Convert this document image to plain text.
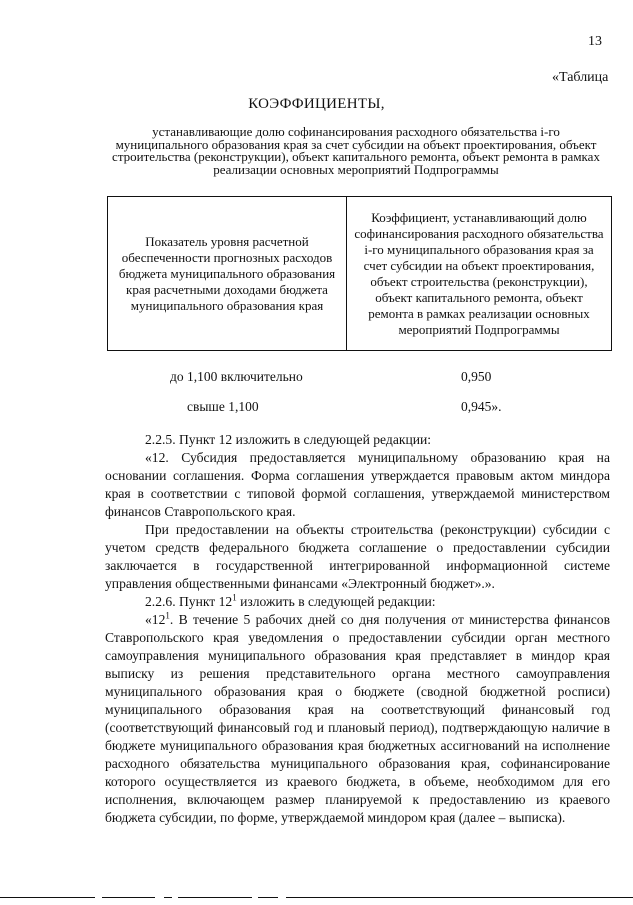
13
«Таблица
КОЭФФИЦИЕНТЫ,
устанавливающие долю софинансирования расходного обязательства i-го муниципального образования края за счет субсидии на объект проектирования, объект строительства (реконструкции), объект капитального ремонта, объект ремонта в рамках реализации основных мероприятий Подпрограммы
Показатель уровня расчетной обеспеченности прогнозных расходов бюджета муниципального образования края расчетными доходами бюджета муниципального образования края	Коэффициент, устанавливающий долю софинансирования расходного обязательства i-го муниципального образования края за счет субсидии на объект проектирования, объект строительства (реконструкции), объект капитального ремонта, объект ремонта в рамках реализации основных мероприятий Подпрограммы
до 1,100 включительно	0,950
свыше 1,100	0,945».

2.2.5. Пункт 12 изложить в следующей редакции:

«12. Субсидия предоставляется муниципальному образованию края на основании соглашения. Форма соглашения утверждается правовым актом миндора края в соответствии с типовой формой соглашения, утверждаемой министерством финансов Ставропольского края.

При предоставлении на объекты строительства (реконструкции) субсидии с учетом средств федерального бюджета соглашение о предоставлении субсидии заключается в государственной интегрированной информационной системе управления общественными финансами «Электронный бюджет».».

2.2.6. Пункт $12^1$ изложить в следующей редакции:

«$12^1$. В течение 5 рабочих дней со дня получения от министерства финансов Ставропольского края уведомления о предоставлении субсидии орган местного самоуправления муниципального образования края представляет в миндор края выписку из решения представительного органа местного самоуправления муниципального образования края о бюджете (сводной бюджетной росписи) муниципального образования края на соответствующий финансовый год (соответствующий финансовый год и плановый период), подтверждающую наличие в бюджете муниципального образования края бюджетных ассигнований на исполнение расходного обязательства муниципального образования края, софинансирование которого осуществляется из краевого бюджета, в объеме, необходимом для его исполнения, включающем размер планируемой к предоставлению из краевого бюджета субсидии, по форме, утверждаемой миндором края (далее – выписка).
